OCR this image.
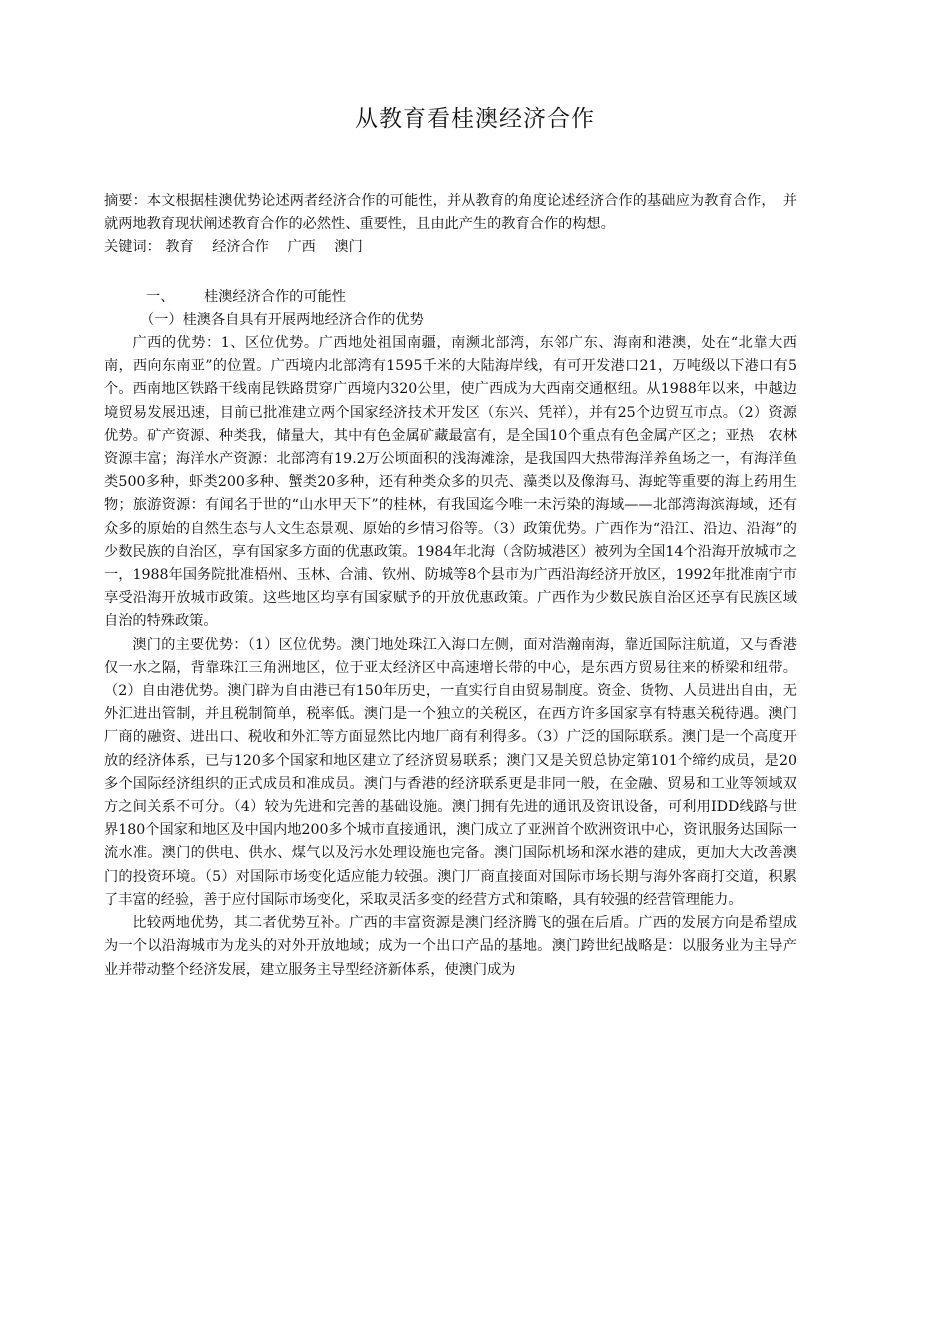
从教育看桂澳经济合作

摘要：本文根据桂澳优势论述两者经济合作的可能性，并从教育的角度论述经济合作的基础应为教育合作，　并就两地教育现状阐述教育合作的必然性、重要性，且由此产生的教育合作的构想。

关键词： 教育 经济合作 广西 澳门

一、 桂澳经济合作的可能性

（一）桂澳各自具有开展两地经济合作的优势

广西的优势：1、区位优势。广西地处祖国南疆，南濒北部湾，东邻广东、海南和港澳，处在“北靠大西南，西向东南亚”的位置。广西境内北部湾有1595千米的大陆海岸线，有可开发港口21，万吨级以下港口有5个。西南地区铁路干线南昆铁路贯穿广西境内320公里，使广西成为大西南交通枢纽。从1988年以来，中越边境贸易发展迅速，目前已批准建立两个国家经济技术开发区（东兴、凭祥），并有25个边贸互市点。（2）资源优势。矿产资源、种类我，储量大，其中有色金属矿藏最富有，是全国10个重点有色金属产区之；亚热　农林资源丰富；海洋水产资源：北部湾有19.2万公顷面积的浅海滩涂，是我国四大热带海洋养鱼场之一，有海洋鱼类500多种，虾类200多种、蟹类20多种，还有种类众多的贝壳、藻类以及像海马、海蛇等重要的海上药用生物；旅游资源：有闻名于世的“山水甲天下”的桂林，有我国迄今唯一未污染的海域——北部湾海滨海域，还有众多的原始的自然生态与人文生态景观、原始的乡情习俗等。（3）政策优势。广西作为“沿江、沿边、沿海”的少数民族的自治区，享有国家多方面的优惠政策。1984年北海（含防城港区）被列为全国14个沿海开放城市之一，1988年国务院批准梧州、玉林、合浦、钦州、防城等8个县市为广西沿海经济开放区，1992年批准南宁市享受沿海开放城市政策。这些地区均享有国家赋予的开放优惠政策。广西作为少数民族自治区还享有民族区域自治的特殊政策。

澳门的主要优势：（1）区位优势。澳门地处珠江入海口左侧，面对浩瀚南海，靠近国际注航道，又与香港仅一水之隔，背靠珠江三角洲地区，位于亚太经济区中高速增长带的中心，是东西方贸易往来的桥梁和纽带。（2）自由港优势。澳门辟为自由港已有150年历史，一直实行自由贸易制度。资金、货物、人员进出自由，无外汇进出管制，并且税制简单，税率低。澳门是一个独立的关税区，在西方许多国家享有特惠关税待遇。澳门厂商的融资、进出口、税收和外汇等方面显然比内地厂商有利得多。（3）广泛的国际联系。澳门是一个高度开放的经济体系，已与120多个国家和地区建立了经济贸易联系；澳门又是关贸总协定第101个缔约成员，是20多个国际经济组织的正式成员和准成员。澳门与香港的经济联系更是非同一般，在金融、贸易和工业等领域双方之间关系不可分。（4）较为先进和完善的基础设施。澳门拥有先进的通讯及资讯设备，可利用IDD线路与世界180个国家和地区及中国内地200多个城市直接通讯，澳门成立了亚洲首个欧洲资讯中心，资讯服务达国际一流水准。澳门的供电、供水、煤气以及污水处理设施也完备。澳门国际机场和深水港的建成，更加大大改善澳门的投资环境。（5）对国际市场变化适应能力较强。澳门厂商直接面对国际市场长期与海外客商打交道，积累了丰富的经验，善于应付国际市场变化，采取灵活多变的经营方式和策略，具有较强的经营管理能力。

比较两地优势，其二者优势互补。广西的丰富资源是澳门经济腾飞的强在后盾。广西的发展方向是希望成为一个以沿海城市为龙头的对外开放地域；成为一个出口产品的基地。澳门跨世纪战略是：以服务业为主导产业并带动整个经济发展，建立服务主导型经济新体系，使澳门成为
